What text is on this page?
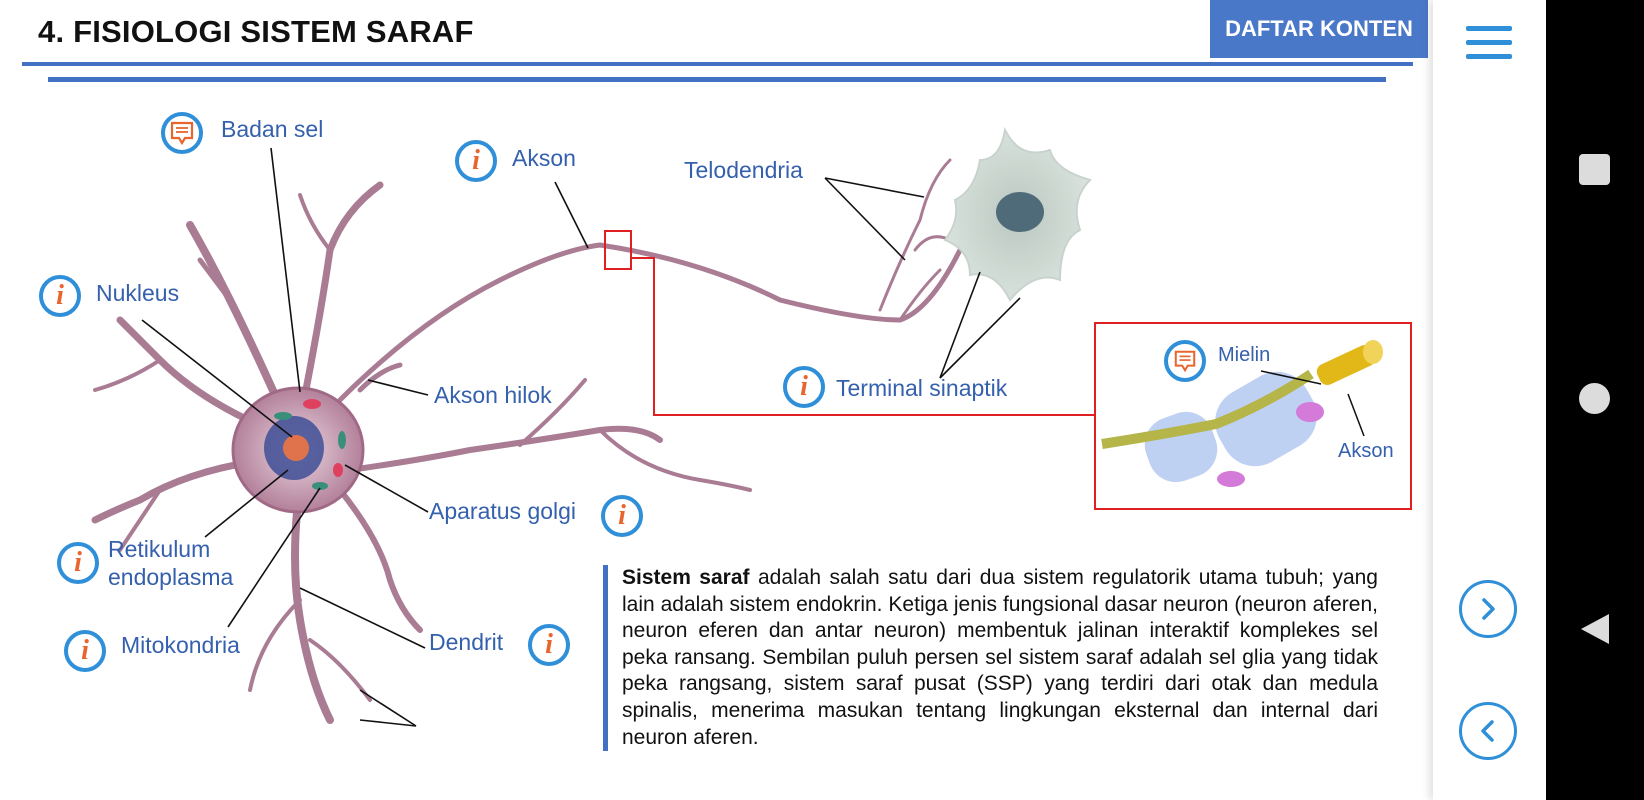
4. FISIOLOGI SISTEM SARAF	DAFTAR KONTEN
Badan sel
Akson	Telodendria
Nukleus
Akson hilok	Terminal sinaptik
Aparatus golgi
Retikulum
endoplasma
Mitokondria	Dendrit
i
i
i
i
i
i	i
Mielin
Akson

Sistem saraf adalah salah satu dari dua sistem regulatorik utama tubuh; yang lain adalah sistem endokrin. Ketiga jenis fungsional dasar neuron (neuron aferen, neuron eferen dan antar neuron) membentuk jalinan interaktif komplekes sel peka ransang. Sembilan puluh persen sel sistem saraf adalah sel glia yang tidak peka rangsang, sistem saraf pusat (SSP) yang terdiri dari otak dan medula spinalis, menerima masukan tentang lingkungan eksternal dan internal dari neuron aferen.
